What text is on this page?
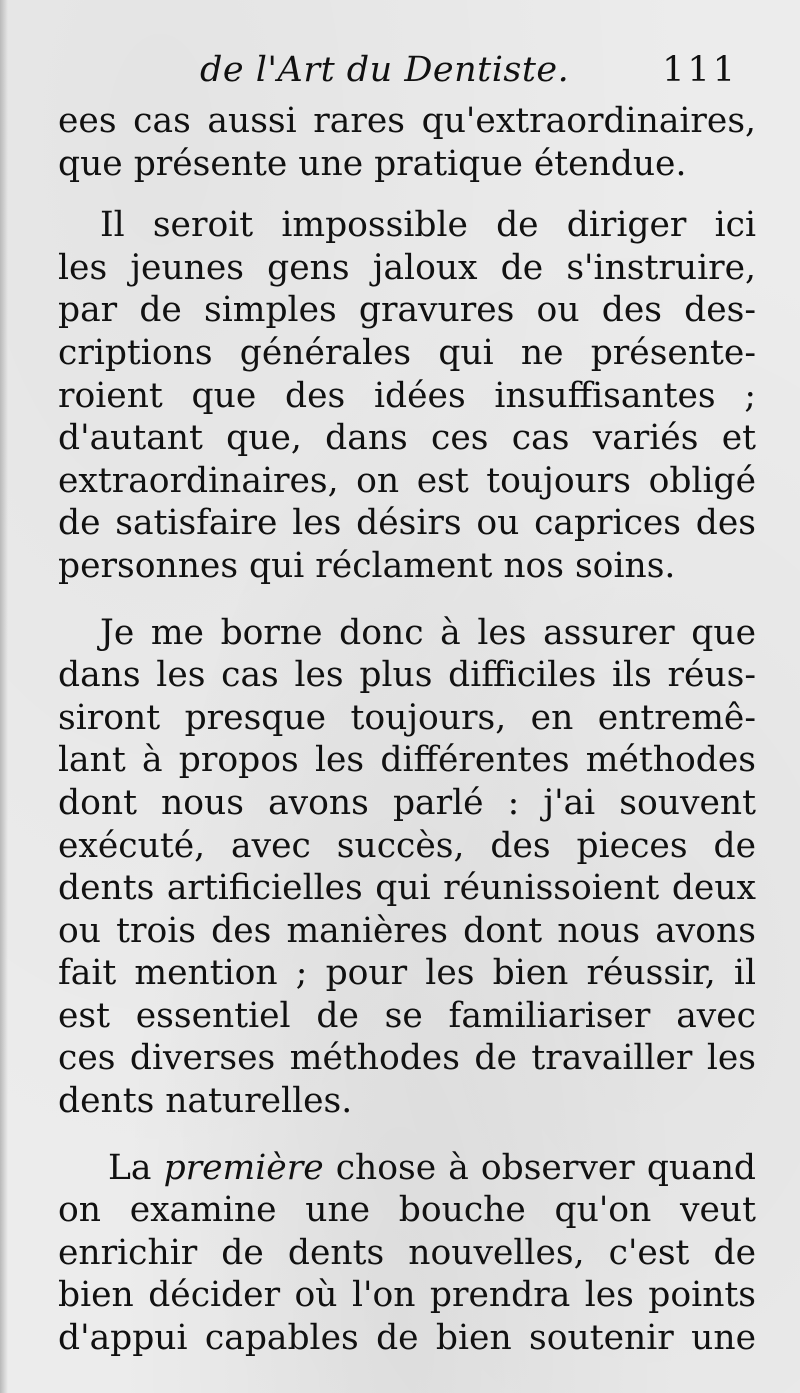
de l'Art du Dentiste.	111

ees cas aussi rares qu'extraordinaires,
que présente une pratique étendue.

Il seroit impossible de diriger ici
les jeunes gens jaloux de s'instruire,
par de simples gravures ou des des-
criptions générales qui ne présente-
roient que des idées insuffisantes ;
d'autant que, dans ces cas variés et
extraordinaires, on est toujours obligé
de satisfaire les désirs ou caprices des
personnes qui réclament nos soins.

Je me borne donc à les assurer que
dans les cas les plus difficiles ils réus-
siront presque toujours, en entremê-
lant à propos les différentes méthodes
dont nous avons parlé : j'ai souvent
exécuté, avec succès, des pieces de
dents artificielles qui réunissoient deux
ou trois des manières dont nous avons
fait mention ; pour les bien réussir, il
est essentiel de se familiariser avec
ces diverses méthodes de travailler les
dents naturelles.

La première chose à observer quand
on examine une bouche qu'on veut
enrichir de dents nouvelles, c'est de
bien décider où l'on prendra les points
d'appui capables de bien soutenir une
